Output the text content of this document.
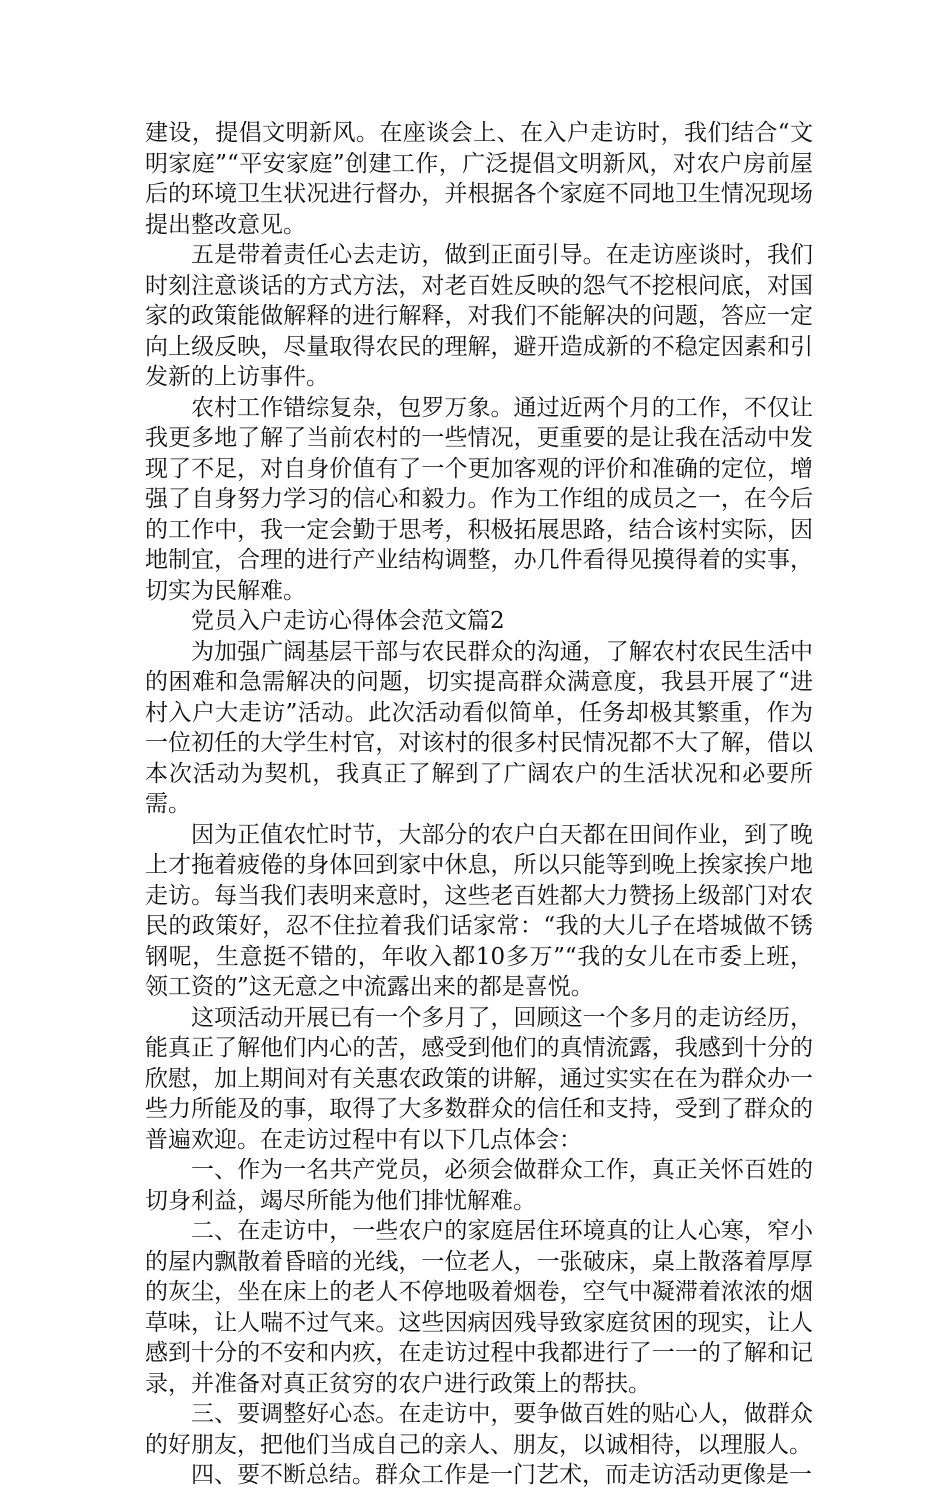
建设，提倡文明新风。在座谈会上、在入户走访时，我们结合“文明家庭”“平安家庭”创建工作，广泛提倡文明新风，对农户房前屋后的环境卫生状况进行督办，并根据各个家庭不同地卫生情况现场提出整改意见。

五是带着责任心去走访，做到正面引导。在走访座谈时，我们时刻注意谈话的方式方法，对老百姓反映的怨气不挖根问底，对国家的政策能做解释的进行解释，对我们不能解决的问题，答应一定向上级反映，尽量取得农民的理解，避开造成新的不稳定因素和引发新的上访事件。

农村工作错综复杂，包罗万象。通过近两个月的工作，不仅让我更多地了解了当前农村的一些情况，更重要的是让我在活动中发现了不足，对自身价值有了一个更加客观的评价和准确的定位，增强了自身努力学习的信心和毅力。作为工作组的成员之一，在今后的工作中，我一定会勤于思考，积极拓展思路，结合该村实际，因地制宜，合理的进行产业结构调整，办几件看得见摸得着的实事，切实为民解难。

党员入户走访心得体会范文篇2

为加强广阔基层干部与农民群众的沟通，了解农村农民生活中的困难和急需解决的问题，切实提高群众满意度，我县开展了“进村入户大走访”活动。此次活动看似简单，任务却极其繁重，作为一位初任的大学生村官，对该村的很多村民情况都不大了解，借以本次活动为契机，我真正了解到了广阔农户的生活状况和必要所需。

因为正值农忙时节，大部分的农户白天都在田间作业，到了晚上才拖着疲倦的身体回到家中休息，所以只能等到晚上挨家挨户地走访。每当我们表明来意时，这些老百姓都大力赞扬上级部门对农民的政策好，忍不住拉着我们话家常：“我的大儿子在塔城做不锈钢呢，生意挺不错的，年收入都10多万”“我的女儿在市委上班，领工资的”这无意之中流露出来的都是喜悦。

这项活动开展已有一个多月了，回顾这一个多月的走访经历，能真正了解他们内心的苦，感受到他们的真情流露，我感到十分的欣慰，加上期间对有关惠农政策的讲解，通过实实在在为群众办一些力所能及的事，取得了大多数群众的信任和支持，受到了群众的普遍欢迎。在走访过程中有以下几点体会：

一、作为一名共产党员，必须会做群众工作，真正关怀百姓的切身利益，竭尽所能为他们排忧解难。

二、在走访中，一些农户的家庭居住环境真的让人心寒，窄小的屋内飘散着昏暗的光线，一位老人，一张破床，桌上散落着厚厚的灰尘，坐在床上的老人不停地吸着烟卷，空气中凝滞着浓浓的烟草味，让人喘不过气来。这些因病因残导致家庭贫困的现实，让人感到十分的不安和内疚，在走访过程中我都进行了一一的了解和记录，并准备对真正贫穷的农户进行政策上的帮扶。

三、要调整好心态。在走访中，要争做百姓的贴心人，做群众的好朋友，把他们当成自己的亲人、朋友，以诚相待，以理服人。

四、要不断总结。群众工作是一门艺术，而走访活动更像是一
